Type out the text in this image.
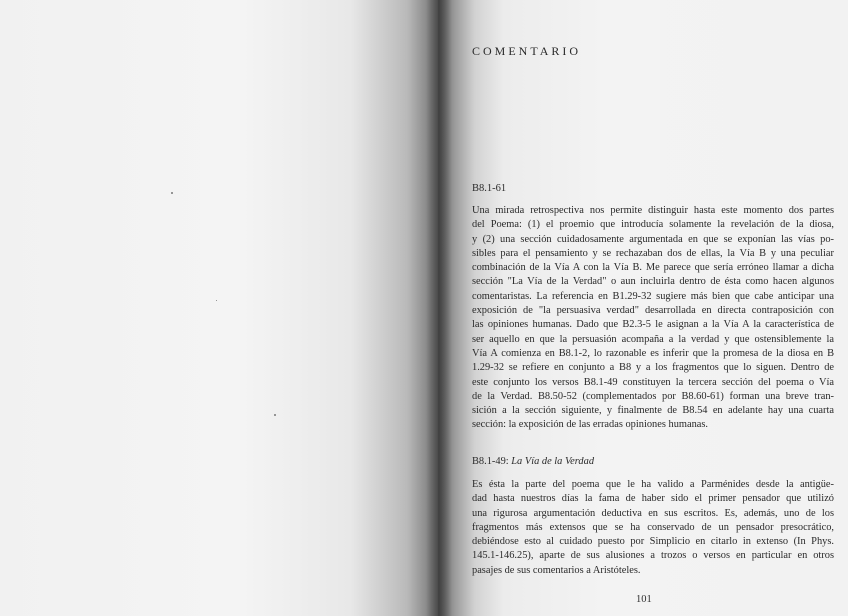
COMENTARIO
B8.1-61
Una mirada retrospectiva nos permite distinguir hasta este momento dos partes
del Poema: (1) el proemio que introducía solamente la revelación de la diosa,
y (2) una sección cuidadosamente argumentada en que se exponían las vías po-
sibles para el pensamiento y se rechazaban dos de ellas, la Vía B y una peculiar
combinación de la Vía A con la Vía B. Me parece que sería erróneo llamar a dicha
sección "La Vía de la Verdad" o aun incluirla dentro de ésta como hacen algunos
comentaristas. La referencia en B1.29-32 sugiere más bien que cabe anticipar una
exposición de "la persuasiva verdad" desarrollada en directa contraposición con
las opiniones humanas. Dado que B2.3-5 le asignan a la Vía A la característica de
ser aquello en que la persuasión acompaña a la verdad y que ostensiblemente la
Vía A comienza en B8.1-2, lo razonable es inferir que la promesa de la diosa en B
1.29-32 se refiere en conjunto a B8 y a los fragmentos que lo siguen. Dentro de
este conjunto los versos B8.1-49 constituyen la tercera sección del poema o Vía
de la Verdad. B8.50-52 (complementados por B8.60-61) forman una breve tran-
sición a la sección siguiente, y finalmente de B8.54 en adelante hay una cuarta
sección: la exposición de las erradas opiniones humanas.
B8.1-49: La Vía de la Verdad
Es ésta la parte del poema que le ha valido a Parménides desde la antigüe-
dad hasta nuestros días la fama de haber sido el primer pensador que utilizó
una rigurosa argumentación deductiva en sus escritos. Es, además, uno de los
fragmentos más extensos que se ha conservado de un pensador presocrático,
debiéndose esto al cuidado puesto por Simplicio en citarlo in extenso (In Phys.
145.1-146.25), aparte de sus alusiones a trozos o versos en particular en otros
pasajes de sus comentarios a Aristóteles.
101
